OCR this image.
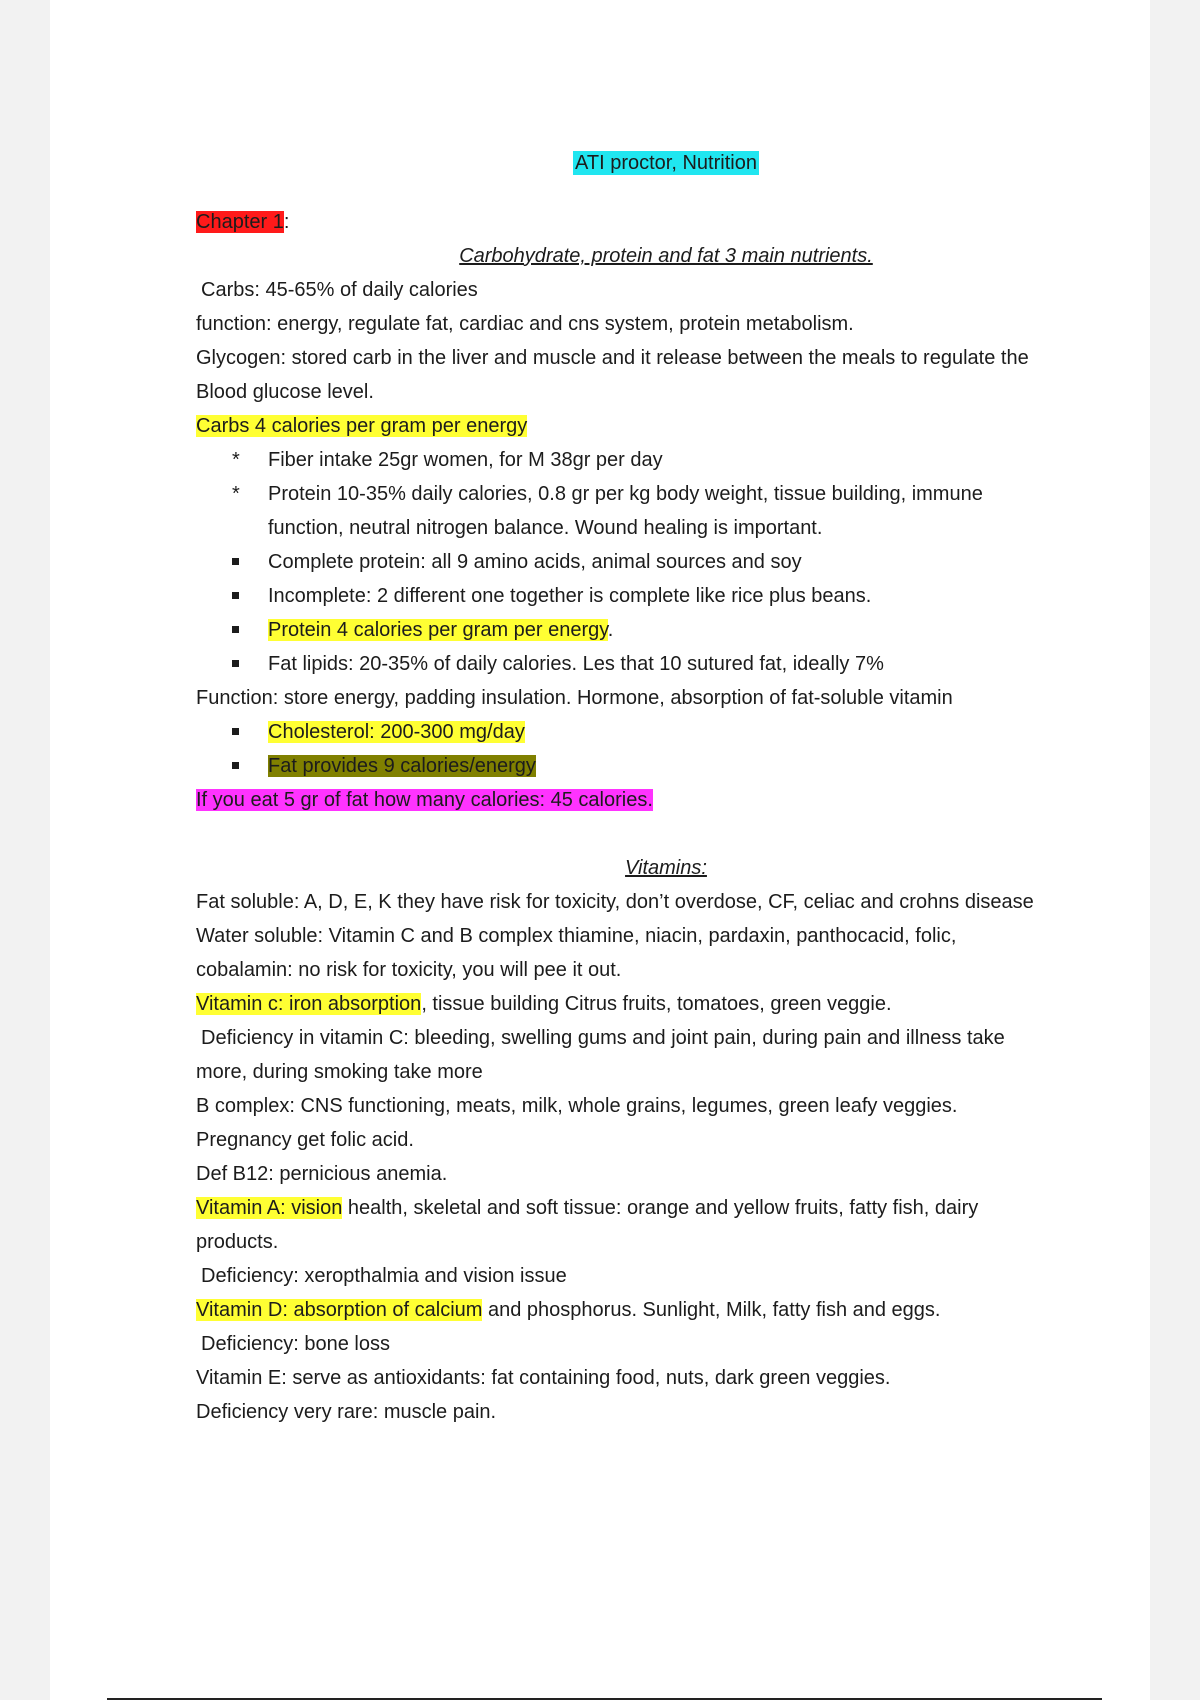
ATI proctor, Nutrition
Chapter 1:
Carbohydrate, protein and fat 3 main nutrients.
Carbs: 45-65% of daily calories
function: energy, regulate fat, cardiac and cns system, protein metabolism.
Glycogen: stored carb in the liver and muscle and it release between the meals to regulate the
Blood glucose level.
Carbs 4 calories per gram per energy
*	Fiber intake 25gr women, for M 38gr per day
*	Protein 10-35% daily calories, 0.8 gr per kg body weight, tissue building, immune
function, neutral nitrogen balance. Wound healing is important.
Complete protein: all 9 amino acids, animal sources and soy
Incomplete: 2 different one together is complete like rice plus beans.
Protein 4 calories per gram per energy.
Fat lipids: 20-35% of daily calories. Les that 10 sutured fat, ideally 7%
Function: store energy, padding insulation. Hormone, absorption of fat-soluble vitamin
Cholesterol: 200-300 mg/day
Fat provides 9 calories/energy
If you eat 5 gr of fat how many calories: 45 calories.
Vitamins:
Fat soluble: A, D, E, K they have risk for toxicity, don’t overdose, CF, celiac and crohns disease
Water soluble: Vitamin C and B complex thiamine, niacin, pardaxin, panthocacid, folic,
cobalamin: no risk for toxicity, you will pee it out.
Vitamin c: iron absorption, tissue building Citrus fruits, tomatoes, green veggie.
Deficiency in vitamin C: bleeding, swelling gums and joint pain, during pain and illness take
more, during smoking take more
B complex: CNS functioning, meats, milk, whole grains, legumes, green leafy veggies.
Pregnancy get folic acid.
Def B12: pernicious anemia.
Vitamin A: vision health, skeletal and soft tissue: orange and yellow fruits, fatty fish, dairy
products.
Deficiency: xeropthalmia and vision issue
Vitamin D: absorption of calcium and phosphorus. Sunlight, Milk, fatty fish and eggs.
Deficiency: bone loss
Vitamin E: serve as antioxidants: fat containing food, nuts, dark green veggies.
Deficiency very rare: muscle pain.
